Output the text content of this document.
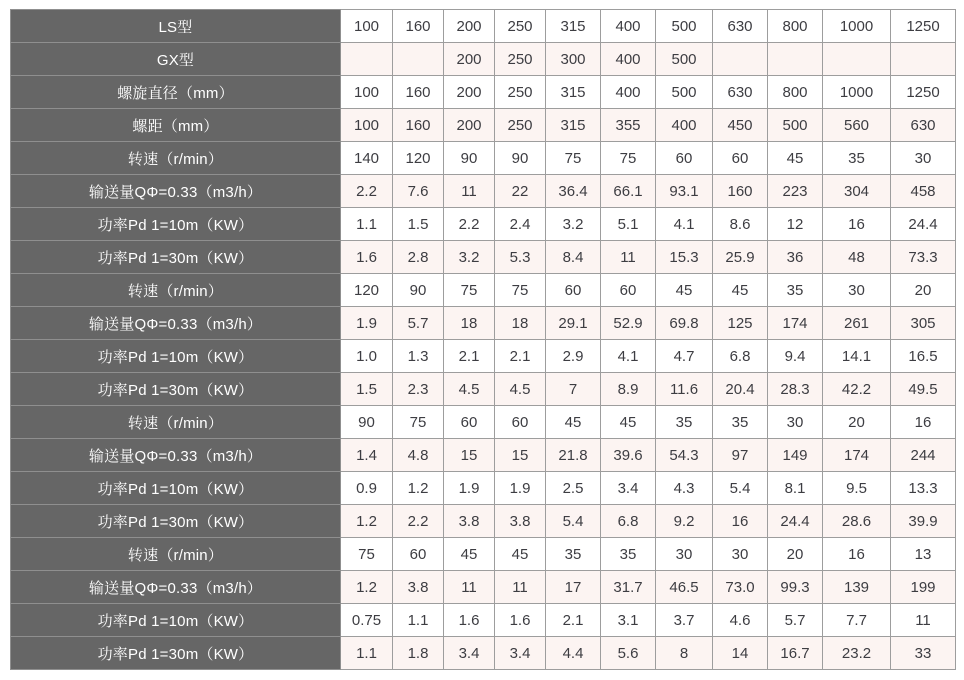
LS型	100	160	200	250	315	400	500	630	800	1000	1250
GX型			200	250	300	400	500				
螺旋直径（mm）	100	160	200	250	315	400	500	630	800	1000	1250
螺距（mm）	100	160	200	250	315	355	400	450	500	560	630
转速（r/min）	140	120	90	90	75	75	60	60	45	35	30
输送量QΦ=0.33（m3/h）	2.2	7.6	11	22	36.4	66.1	93.1	160	223	304	458
功率Pd 1=10m（KW）	1.1	1.5	2.2	2.4	3.2	5.1	4.1	8.6	12	16	24.4
功率Pd 1=30m（KW）	1.6	2.8	3.2	5.3	8.4	11	15.3	25.9	36	48	73.3
转速（r/min）	120	90	75	75	60	60	45	45	35	30	20
输送量QΦ=0.33（m3/h）	1.9	5.7	18	18	29.1	52.9	69.8	125	174	261	305
功率Pd 1=10m（KW）	1.0	1.3	2.1	2.1	2.9	4.1	4.7	6.8	9.4	14.1	16.5
功率Pd 1=30m（KW）	1.5	2.3	4.5	4.5	7	8.9	11.6	20.4	28.3	42.2	49.5
转速（r/min）	90	75	60	60	45	45	35	35	30	20	16
输送量QΦ=0.33（m3/h）	1.4	4.8	15	15	21.8	39.6	54.3	97	149	174	244
功率Pd 1=10m（KW）	0.9	1.2	1.9	1.9	2.5	3.4	4.3	5.4	8.1	9.5	13.3
功率Pd 1=30m（KW）	1.2	2.2	3.8	3.8	5.4	6.8	9.2	16	24.4	28.6	39.9
转速（r/min）	75	60	45	45	35	35	30	30	20	16	13
输送量QΦ=0.33（m3/h）	1.2	3.8	11	11	17	31.7	46.5	73.0	99.3	139	199
功率Pd 1=10m（KW）	0.75	1.1	1.6	1.6	2.1	3.1	3.7	4.6	5.7	7.7	11
功率Pd 1=30m（KW）	1.1	1.8	3.4	3.4	4.4	5.6	8	14	16.7	23.2	33
